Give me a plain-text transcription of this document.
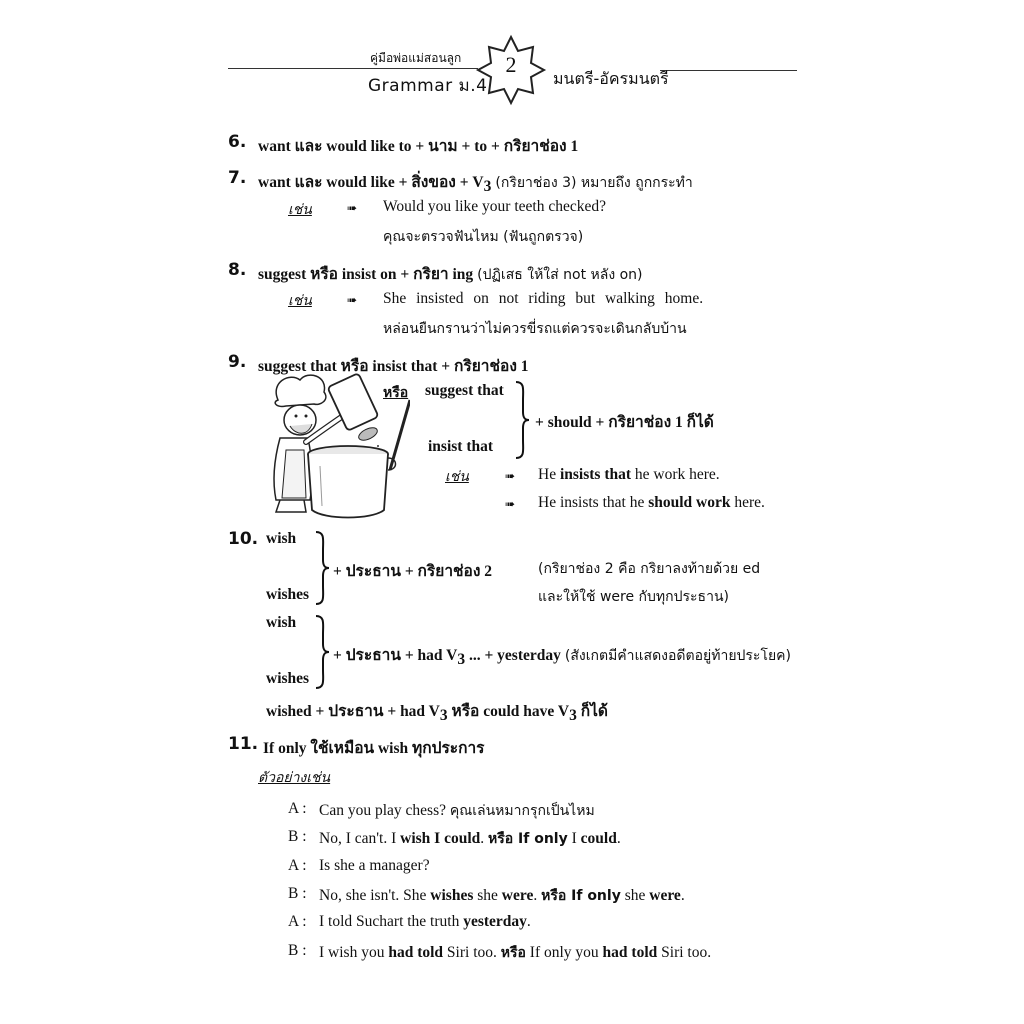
คู่มือพ่อแม่สอนลูก
Grammar ม.4
2
มนตรี-อัครมนตรี
6. want และ would like to + นาม + to + กริยาช่อง 1
7. want และ would like + สิ่งของ + $V_3$ (กริยาช่อง 3) หมายถึง ถูกกระทำ
เช่น	➠ Would you like your teeth checked?
คุณจะตรวจฟันไหม (ฟันถูกตรวจ)
8. suggest หรือ insist on + กริยา ing (ปฏิเสธ ให้ใส่ not หลัง on)
เช่น	➠ She insisted on not riding but walking home.
หล่อนยืนกรานว่าไม่ควรขี่รถแต่ควรจะเดินกลับบ้าน
9. suggest that หรือ insist that + กริยาช่อง 1
หรือ suggest that
insist that
+ should + กริยาช่อง 1 ก็ได้
เช่น	➠ He insists that he work here.
➠ He insists that he should work here.
10. wish
wishes
+ ประธาน + กริยาช่อง 2	(กริยาช่อง 2 คือ กริยาลงท้ายด้วย ed
และให้ใช้ were กับทุกประธาน)
wish
wishes
+ ประธาน + had $V_3$ ... + yesterday (สังเกตมีคำแสดงอดีตอยู่ท้ายประโยค)
wished + ประธาน + had $V_3$ หรือ could have $V_3$ ก็ได้
11. If only ใช้เหมือน wish ทุกประการ
ตัวอย่างเช่น
A : Can you play chess? คุณเล่นหมากรุกเป็นไหม
B : No, I can't. I wish I could. หรือ If only I could.
A : Is she a manager?
B : No, she isn't. She wishes she were. หรือ If only she were.
A : I told Suchart the truth yesterday.
B : I wish you had told Siri too. หรือ If only you had told Siri too.
